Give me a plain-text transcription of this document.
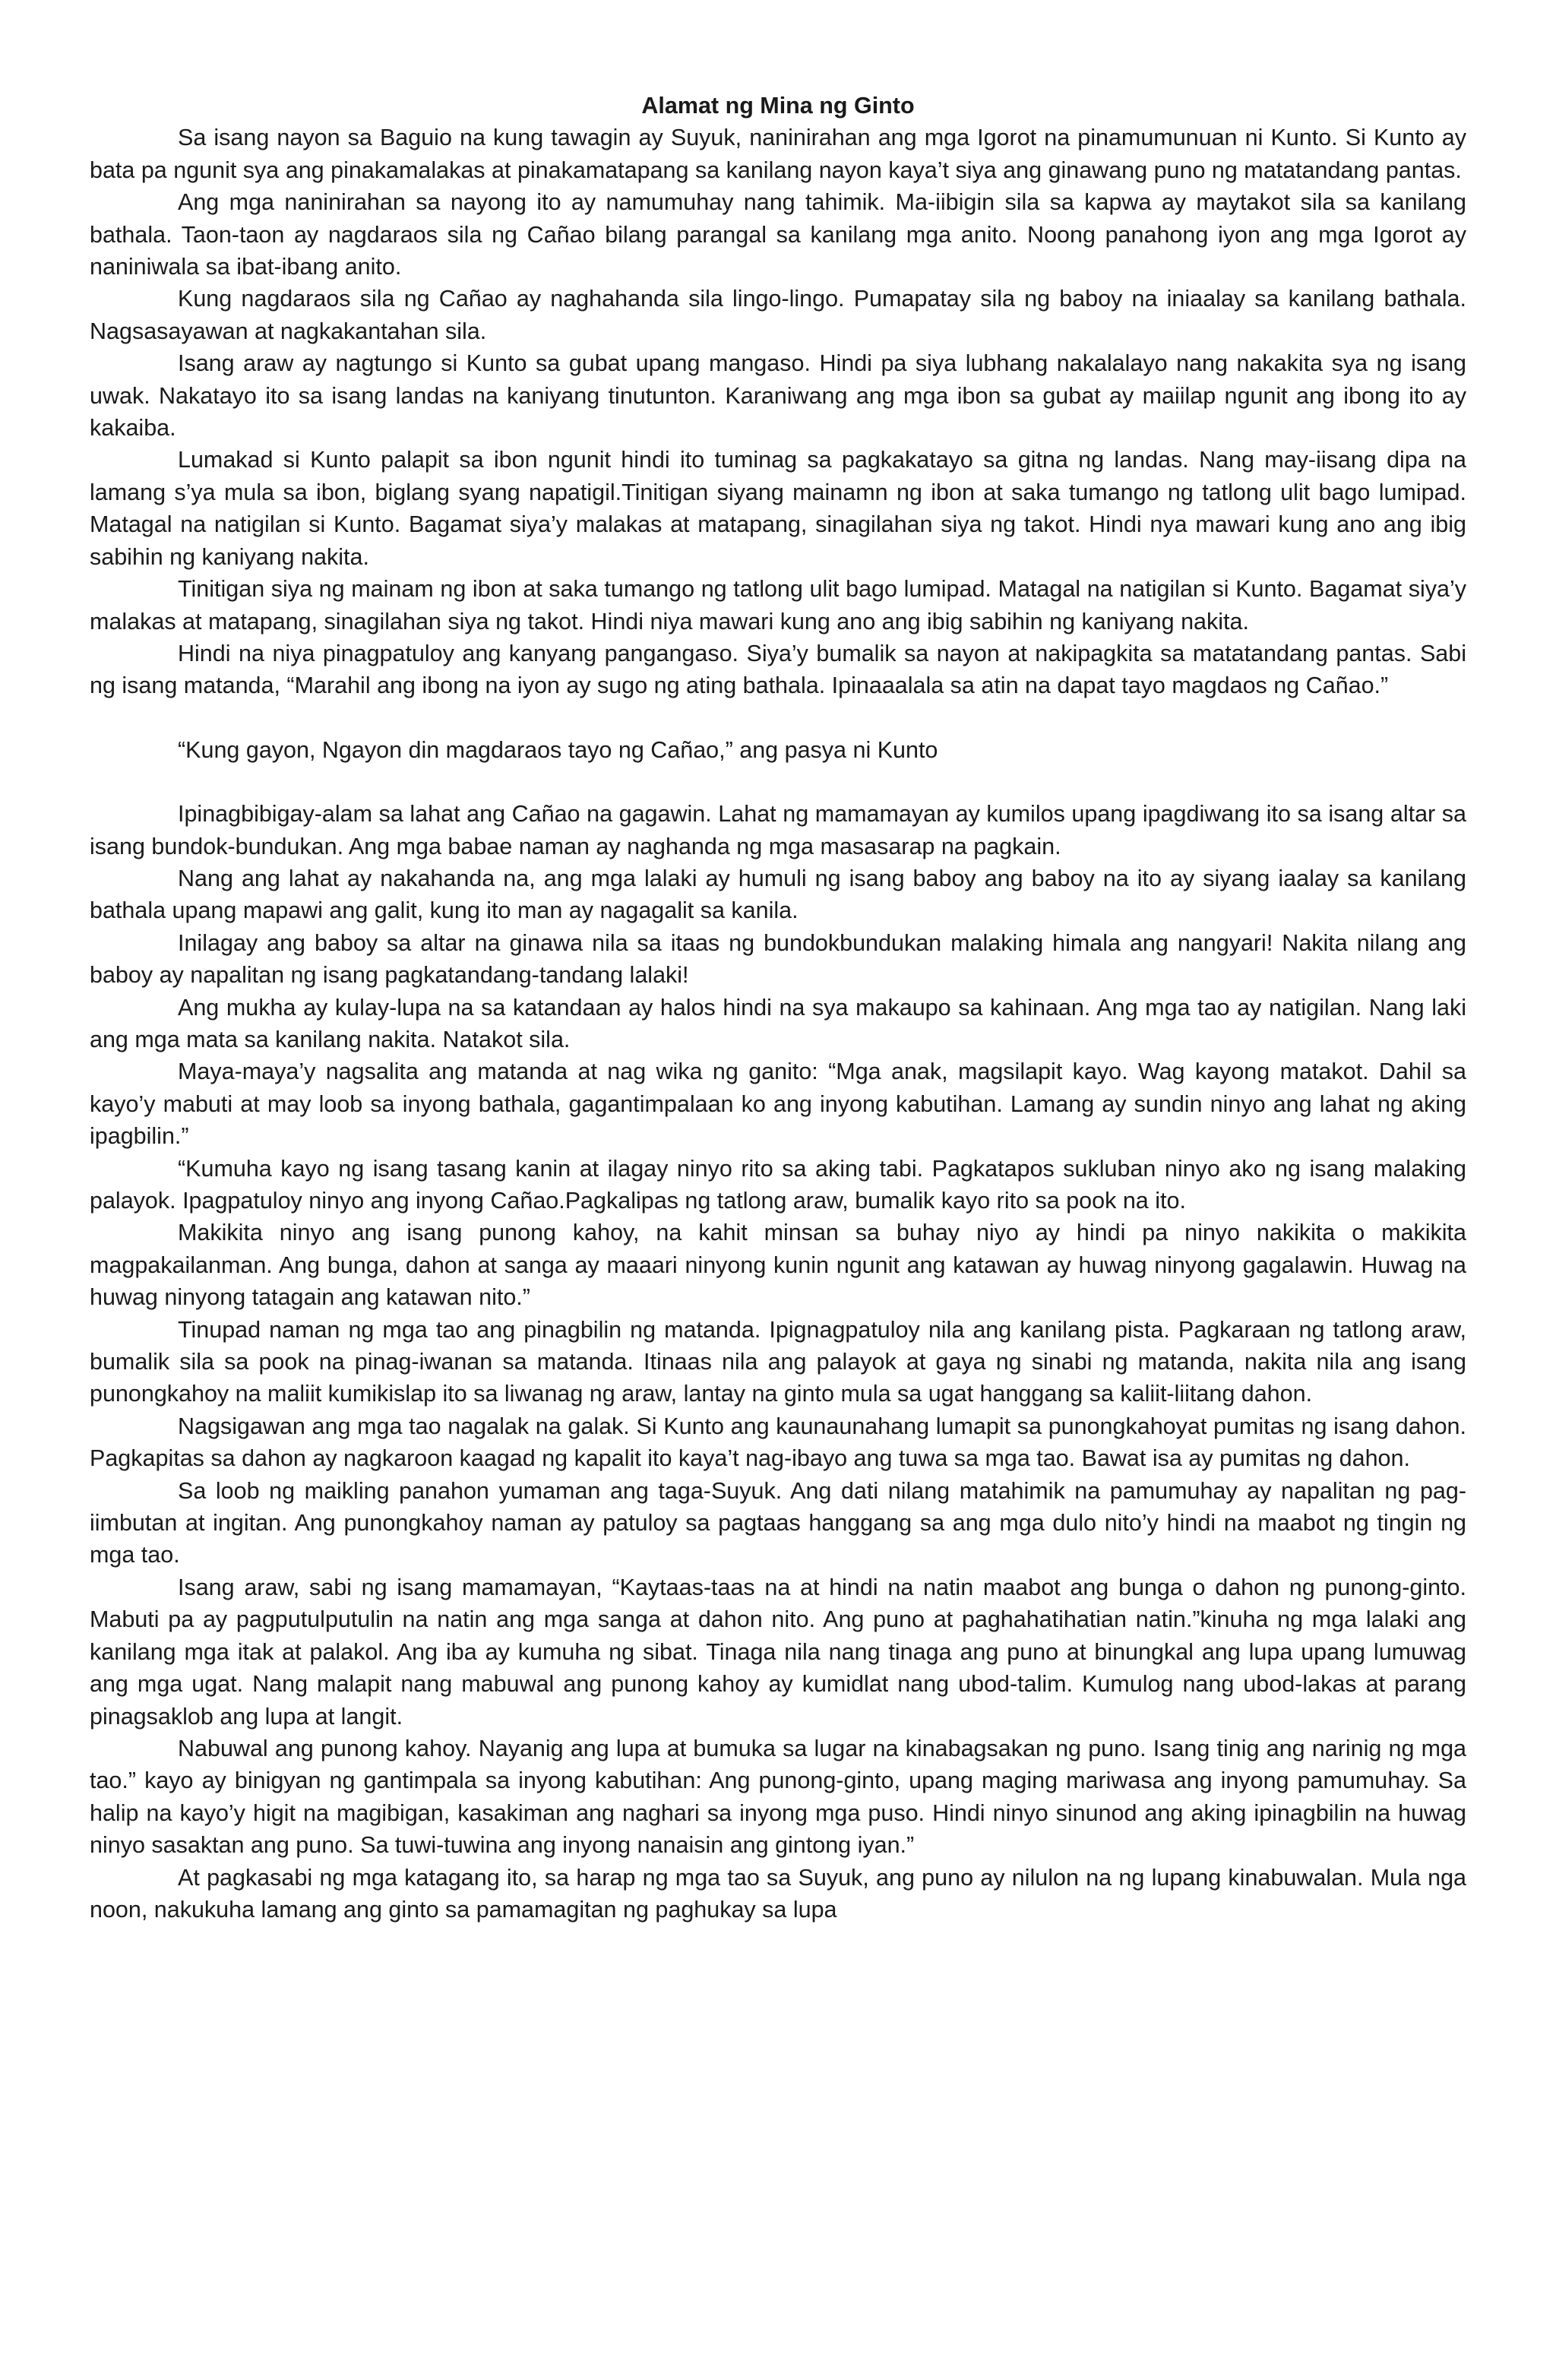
Alamat ng Mina ng Ginto

Sa isang nayon sa Baguio na kung tawagin ay Suyuk, naninirahan ang mga Igorot na pinamumunuan ni Kunto. Si Kunto ay bata pa ngunit sya ang pinakamalakas at pinakamatapang sa kanilang nayon kaya’t siya ang ginawang puno ng matatandang pantas.

Ang mga naninirahan sa nayong ito ay namumuhay nang tahimik. Ma-iibigin sila sa kapwa ay maytakot sila sa kanilang bathala. Taon-taon ay nagdaraos sila ng Cañao bilang parangal sa kanilang mga anito. Noong panahong iyon ang mga Igorot ay naniniwala sa ibat-ibang anito.

Kung nagdaraos sila ng Cañao ay naghahanda sila lingo-lingo. Pumapatay sila ng baboy na iniaalay sa kanilang bathala. Nagsasayawan at nagkakantahan sila.

Isang araw ay nagtungo si Kunto sa gubat upang mangaso. Hindi pa siya lubhang nakalalayo nang nakakita sya ng isang uwak. Nakatayo ito sa isang landas na kaniyang tinutunton. Karaniwang ang mga ibon sa gubat ay maiilap ngunit ang ibong ito ay kakaiba.

Lumakad si Kunto palapit sa ibon ngunit hindi ito tuminag sa pagkakatayo sa gitna ng landas. Nang may-iisang dipa na lamang s’ya mula sa ibon, biglang syang napatigil.Tinitigan siyang mainamn ng ibon at saka tumango ng tatlong ulit bago lumipad. Matagal na natigilan si Kunto. Bagamat siya’y malakas at matapang, sinagilahan siya ng takot. Hindi nya mawari kung ano ang ibig sabihin ng kaniyang nakita.

Tinitigan siya ng mainam ng ibon at saka tumango ng tatlong ulit bago lumipad. Matagal na natigilan si Kunto. Bagamat siya’y malakas at matapang, sinagilahan siya ng takot. Hindi niya mawari kung ano ang ibig sabihin ng kaniyang nakita.

Hindi na niya pinagpatuloy ang kanyang pangangaso. Siya’y bumalik sa nayon at nakipagkita sa matatandang pantas. Sabi ng isang matanda, “Marahil ang ibong na iyon ay sugo ng ating bathala. Ipinaaalala sa atin na dapat tayo magdaos ng Cañao.”

“Kung gayon, Ngayon din magdaraos tayo ng Cañao,” ang pasya ni Kunto

Ipinagbibigay-alam sa lahat ang Cañao na gagawin. Lahat ng mamamayan ay kumilos upang ipagdiwang ito sa isang altar sa isang bundok-bundukan. Ang mga babae naman ay naghanda ng mga masasarap na pagkain.

Nang ang lahat ay nakahanda na, ang mga lalaki ay humuli ng isang baboy ang baboy na ito ay siyang iaalay sa kanilang bathala upang mapawi ang galit, kung ito man ay nagagalit sa kanila.

Inilagay ang baboy sa altar na ginawa nila sa itaas ng bundokbundukan malaking himala ang nangyari! Nakita nilang ang baboy ay napalitan ng isang pagkatandang-tandang lalaki!

Ang mukha ay kulay-lupa na sa katandaan ay halos hindi na sya makaupo sa kahinaan. Ang mga tao ay natigilan. Nang laki ang mga mata sa kanilang nakita. Natakot sila.

Maya-maya’y nagsalita ang matanda at nag wika ng ganito: “Mga anak, magsilapit kayo. Wag kayong matakot. Dahil sa kayo’y mabuti at may loob sa inyong bathala, gagantimpalaan ko ang inyong kabutihan. Lamang ay sundin ninyo ang lahat ng aking ipagbilin.”

“Kumuha kayo ng isang tasang kanin at ilagay ninyo rito sa aking tabi. Pagkatapos sukluban ninyo ako ng isang malaking palayok. Ipagpatuloy ninyo ang inyong Cañao.Pagkalipas ng tatlong araw, bumalik kayo rito sa pook na ito.

Makikita ninyo ang isang punong kahoy, na kahit minsan sa buhay niyo ay hindi pa ninyo nakikita o makikita magpakailanman. Ang bunga, dahon at sanga ay maaari ninyong kunin ngunit ang katawan ay huwag ninyong gagalawin. Huwag na huwag ninyong tatagain ang katawan nito.”

Tinupad naman ng mga tao ang pinagbilin ng matanda. Ipignagpatuloy nila ang kanilang pista. Pagkaraan ng tatlong araw, bumalik sila sa pook na pinag-iwanan sa matanda. Itinaas nila ang palayok at gaya ng sinabi ng matanda, nakita nila ang isang punongkahoy na maliit kumikislap ito sa liwanag ng araw, lantay na ginto mula sa ugat hanggang sa kaliit-liitang dahon.

Nagsigawan ang mga tao nagalak na galak. Si Kunto ang kaunaunahang lumapit sa punongkahoyat pumitas ng isang dahon. Pagkapitas sa dahon ay nagkaroon kaagad ng kapalit ito kaya’t nag-ibayo ang tuwa sa mga tao. Bawat isa ay pumitas ng dahon.

Sa loob ng maikling panahon yumaman ang taga-Suyuk. Ang dati nilang matahimik na pamumuhay ay napalitan ng pag-iimbutan at ingitan. Ang punongkahoy naman ay patuloy sa pagtaas hanggang sa ang mga dulo nito’y hindi na maabot ng tingin ng mga tao.

Isang araw, sabi ng isang mamamayan, “Kaytaas-taas na at hindi na natin maabot ang bunga o dahon ng punong-ginto. Mabuti pa ay pagputulputulin na natin ang mga sanga at dahon nito. Ang puno at paghahatihatian natin.”kinuha ng mga lalaki ang kanilang mga itak at palakol. Ang iba ay kumuha ng sibat. Tinaga nila nang tinaga ang puno at binungkal ang lupa upang lumuwag ang mga ugat. Nang malapit nang mabuwal ang punong kahoy ay kumidlat nang ubod-talim. Kumulog nang ubod-lakas at parang pinagsaklob ang lupa at langit.

Nabuwal ang punong kahoy. Nayanig ang lupa at bumuka sa lugar na kinabagsakan ng puno. Isang tinig ang narinig ng mga tao.” kayo ay binigyan ng gantimpala sa inyong kabutihan: Ang punong-ginto, upang maging mariwasa ang inyong pamumuhay. Sa halip na kayo’y higit na magibigan, kasakiman ang naghari sa inyong mga puso. Hindi ninyo sinunod ang aking ipinagbilin na huwag ninyo sasaktan ang puno. Sa tuwi-tuwina ang inyong nanaisin ang gintong iyan.”

At pagkasabi ng mga katagang ito, sa harap ng mga tao sa Suyuk, ang puno ay nilulon na ng lupang kinabuwalan. Mula nga noon, nakukuha lamang ang ginto sa pamamagitan ng paghukay sa lupa
